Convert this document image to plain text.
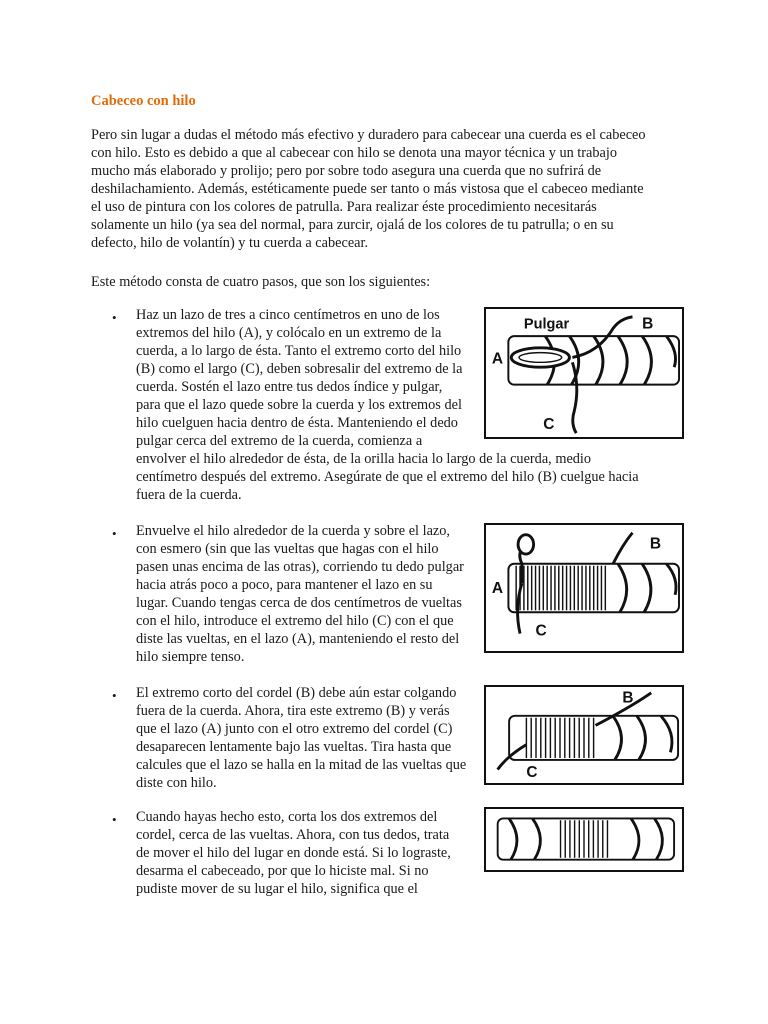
Cabeceo con hilo
Pero sin lugar a dudas el método más efectivo y duradero para cabecear una cuerda es el cabeceo
con hilo. Esto es debido a que al cabecear con hilo se denota una mayor técnica y un trabajo
mucho más elaborado y prolijo; pero por sobre todo asegura una cuerda que no sufrirá de
deshilachamiento. Además, estéticamente puede ser tanto o más vistosa que el cabeceo mediante
el uso de pintura con los colores de patrulla. Para realizar éste procedimiento necesitarás
solamente un hilo (ya sea del normal, para zurcir, ojalá de los colores de tu patrulla; o en su
defecto, hilo de volantín) y tu cuerda a cabecear.
Este método consta de cuatro pasos, que son los siguientes:
• Haz un lazo de tres a cinco centímetros en uno de los
extremos del hilo (A), y colócalo en un extremo de la
cuerda, a lo largo de ésta. Tanto el extremo corto del hilo
(B) como el largo (C), deben sobresalir del extremo de la
cuerda. Sostén el lazo entre tus dedos índice y pulgar,
para que el lazo quede sobre la cuerda y los extremos del
hilo cuelguen hacia dentro de ésta. Manteniendo el dedo
pulgar cerca del extremo de la cuerda, comienza a
envolver el hilo alrededor de ésta, de la orilla hacia lo largo de la cuerda, medio
centímetro después del extremo. Asegúrate de que el extremo del hilo (B) cuelgue hacia
fuera de la cuerda.
Pulgar
A
B
C
• Envuelve el hilo alrededor de la cuerda y sobre el lazo,
con esmero (sin que las vueltas que hagas con el hilo
pasen unas encima de las otras), corriendo tu dedo pulgar
hacia atrás poco a poco, para mantener el lazo en su
lugar. Cuando tengas cerca de dos centímetros de vueltas
con el hilo, introduce el extremo del hilo (C) con el que
diste las vueltas, en el lazo (A), manteniendo el resto del
hilo siempre tenso.
A
B
C
• El extremo corto del cordel (B) debe aún estar colgando
fuera de la cuerda. Ahora, tira este extremo (B) y verás
que el lazo (A) junto con el otro extremo del cordel (C)
desaparecen lentamente bajo las vueltas. Tira hasta que
calcules que el lazo se halla en la mitad de las vueltas que
diste con hilo.
B
C
• Cuando hayas hecho esto, corta los dos extremos del
cordel, cerca de las vueltas. Ahora, con tus dedos, trata
de mover el hilo del lugar en donde está. Si lo lograste,
desarma el cabeceado, por que lo hiciste mal. Si no
pudiste mover de su lugar el hilo, significa que el
